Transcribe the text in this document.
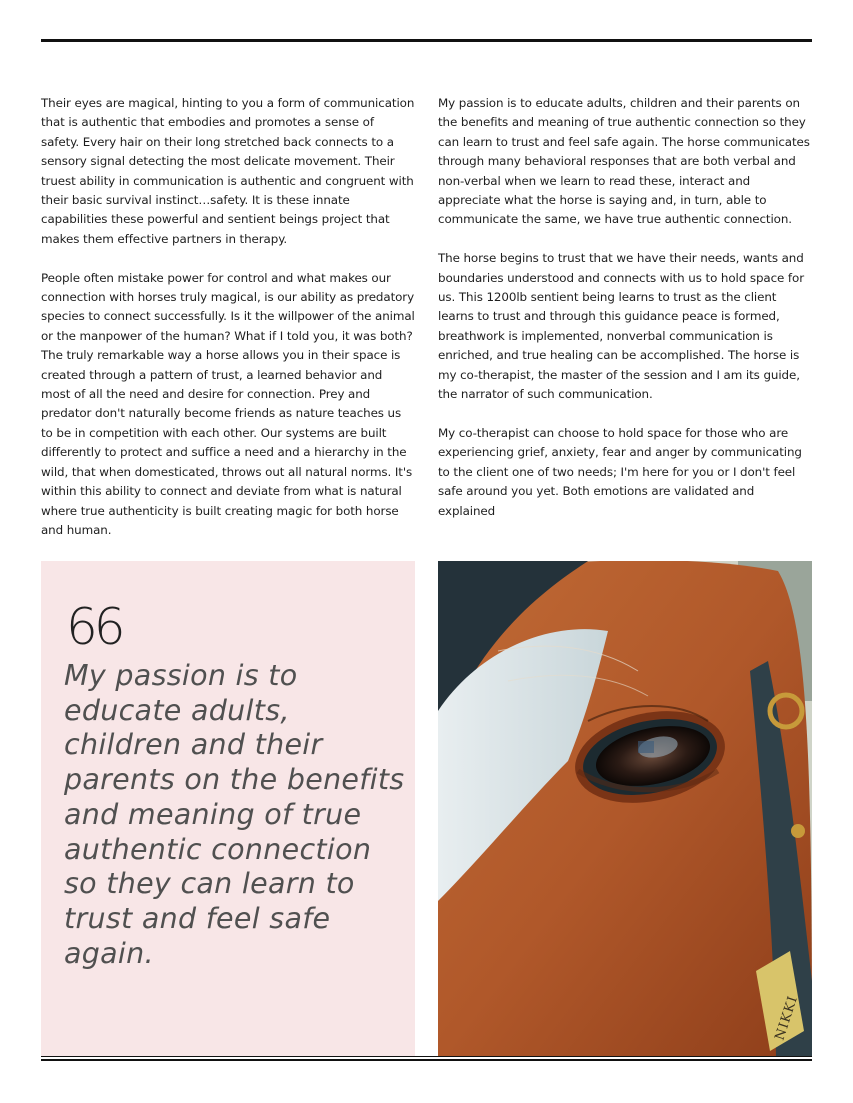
Their eyes are magical, hinting to you a form of communication that is authentic that embodies and promotes a sense of safety. Every hair on their long stretched back connects to a sensory signal detecting the most delicate movement. Their truest ability in communication is authentic and congruent with their basic survival instinct…safety. It is these innate capabilities these powerful and sentient beings project that makes them effective partners in therapy.

People often mistake power for control and what makes our connection with horses truly magical, is our ability as predatory species to connect successfully. Is it the willpower of the animal or the manpower of the human? What if I told you, it was both? The truly remarkable way a horse allows you in their space is created through a pattern of trust, a learned behavior and most of all the need and desire for connection. Prey and predator don't naturally become friends as nature teaches us to be in competition with each other. Our systems are built differently to protect and suffice a need and a hierarchy in the wild, that when domesticated, throws out all natural norms. It's within this ability to connect and deviate from what is natural where true authenticity is built creating magic for both horse and human.

My passion is to educate adults, children and their parents on the benefits and meaning of true authentic connection so they can learn to trust and feel safe again. The horse communicates through many behavioral responses that are both verbal and non-verbal when we learn to read these, interact and appreciate what the horse is saying and, in turn, able to communicate the same, we have true authentic connection.

The horse begins to trust that we have their needs, wants and boundaries understood and connects with us to hold space for us. This 1200lb sentient being learns to trust as the client learns to trust and through this guidance peace is formed, breathwork is implemented, nonverbal communication is enriched, and true healing can be accomplished. The horse is my co-therapist, the master of the session and I am its guide, the narrator of such communication.

My co-therapist can choose to hold space for those who are experiencing grief, anxiety, fear and anger by communicating to the client one of two needs; I'm here for you or I don't feel safe around you yet. Both emotions are validated and explained

66

My passion is to educate adults, children and their parents on the benefits and meaning of true authentic connection so they can learn to trust and feel safe again.

NIKKI
